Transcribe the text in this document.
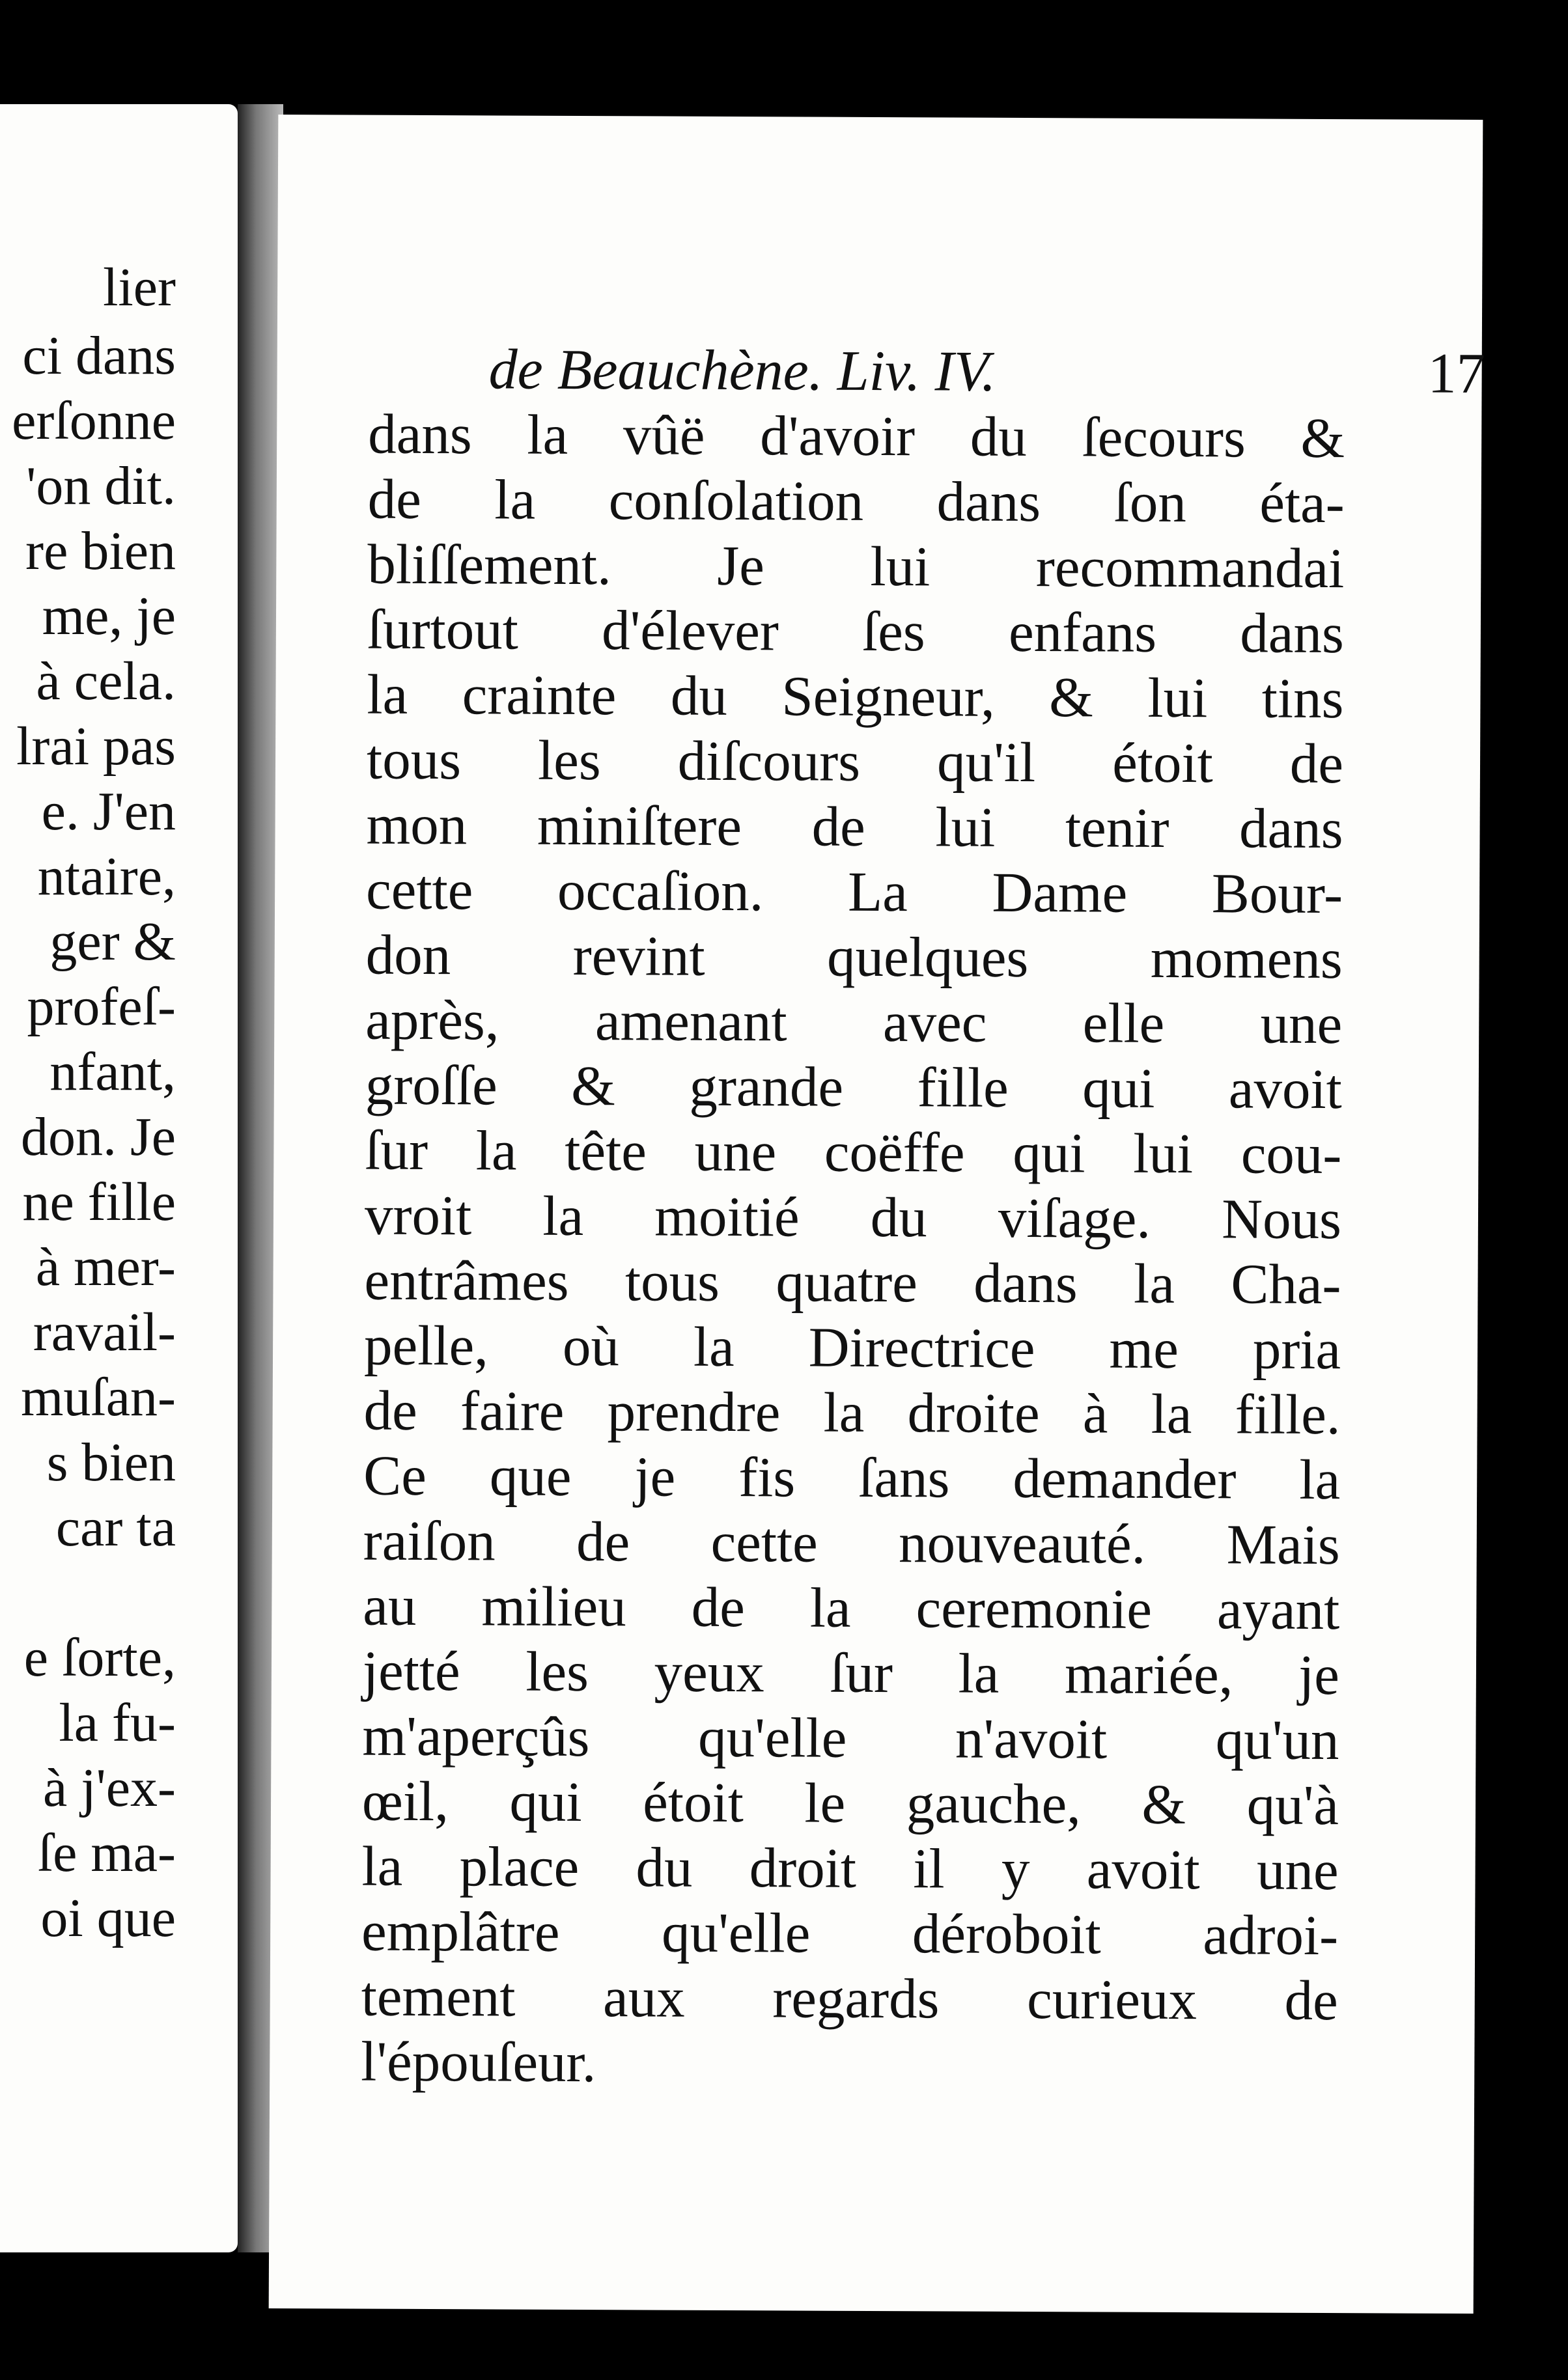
lier
ci dans
erſonne
'on dit.
re bien
me, je
à cela.
lrai pas
e. J'en
ntaire,
ger &
profeſ-
nfant,
don. Je
ne fille
à mer-
ravail-
muſan-
s bien
car ta
e ſorte,
la fu-
à j'ex-
ſe ma-
oi que
de Beauchène. Liv. IV.	17
dans la vûë d'avoir du ſecours &
de la conſolation dans ſon éta-
bliſſement. Je lui recommandai
ſurtout d'élever ſes enfans dans
la crainte du Seigneur, & lui tins
tous les diſcours qu'il étoit de
mon miniſtere de lui tenir dans
cette occaſion. La Dame Bour-
don revint quelques momens
après, amenant avec elle une
groſſe & grande fille qui avoit
ſur la tête une coëffe qui lui cou-
vroit la moitié du viſage. Nous
entrâmes tous quatre dans la Cha-
pelle, où la Directrice me pria
de faire prendre la droite à la fille.
Ce que je fis ſans demander la
raiſon de cette nouveauté. Mais
au milieu de la ceremonie ayant
jetté les yeux ſur la mariée, je
m'aperçûs qu'elle n'avoit qu'un
œil, qui étoit le gauche, & qu'à
la place du droit il y avoit une
emplâtre qu'elle déroboit adroi-
tement aux regards curieux de
l'épouſeur.
